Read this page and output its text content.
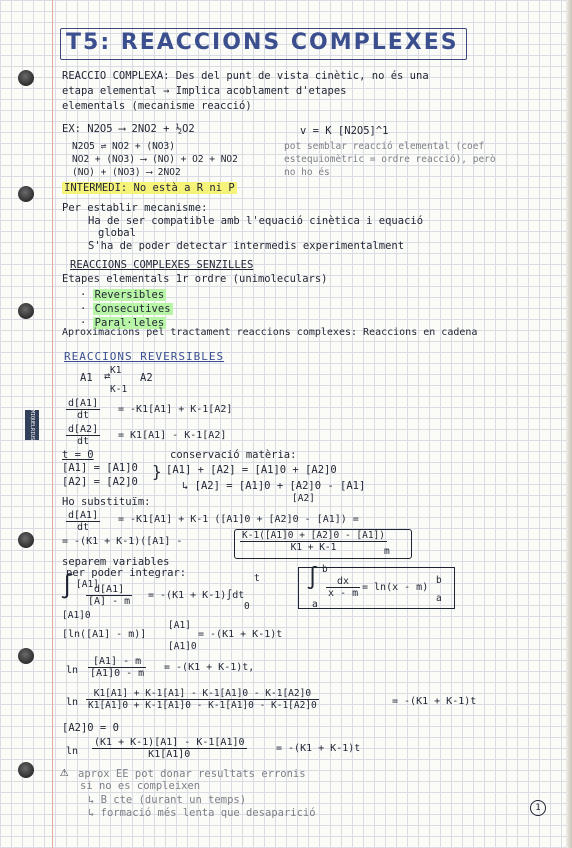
MIQUELRIUS
T5: REACCIONS COMPLEXES
REACCIO COMPLEXA: Des del punt de vista cinètic, no és una
etapa elemental → Implica acoblament d'etapes
elementals (mecanisme reacció)
EX: N2O5 ⟶ 2NO2 + ½O2	v = K [N2O5]^1
N2O5 ⇌ NO2 + (NO3)
NO2 + (NO3) ⟶ (NO) + O2 + NO2
(NO) + (NO3) ⟶ 2NO2
pot semblar reacció elemental (coef
estequiomètric = ordre reacció), però
no ho és
INTERMEDI: No està a R ni P
Per establir mecanisme:
Ha de ser compatible amb l'equació cinètica i equació
global
S'ha de poder detectar intermedis experimentalment
REACCIONS COMPLEXES SENZILLES
Etapes elementals 1r ordre (unimoleculars)
· Reversibles
· Consecutives
· Paral·leles
Aproximacions pel tractament reaccions complexes: Reaccions en cadena
REACCIONS REVERSIBLES
A1
K1
⇄
K-1
A2
$\frac{d[A1]}{dt} = -K1[A1] + K-1[A2]$
$\frac{d[A2]}{dt} = K1[A1] - K-1[A2]$
t = 0	conservació matèria:
[A1] = [A1]0
[A2] = [A2]0
} [A1] + [A2] = [A1]0 + [A2]0
↳ [A2] = [A1]0 + [A2]0 - [A1]
Ho substituïm:	[A2]
$\frac{d[A1]}{dt} = -K1[A1] + K-1$ ([A1]0 + [A2]0 - [A1]) =
= -(K1 + K-1)([A1] -	$\frac{K-1([A1]0 + [A2]0 - [A1])}{K1 + K-1}$
m
separem variables
per poder integrar:
∫ [A1]
[A1]0
$\frac{d[A1]}{[A] - m} = -(K1 + K-1)\int dt$
t
0
∫ b
a
$\frac{dx}{x - m} = \ln(x - m)$
b
a
[ln([A1] - m)]
[A1]
[A1]0
= -(K1 + K-1)t
$\ln \frac{[A1] - m}{[A1]0 - m} = -(K1 + K-1)t$,
$\ln \frac{K1[A1] + K-1[A1] - K-1[A1]0 - K-1[A2]0}{K1[A1]0 + K-1[A1]0 - K-1[A1]0 - K-1[A2]0}$	= -(K1 + K-1)t
[A2]0 = 0
$\ln \frac{(K1 + K-1)[A1] - K-1[A1]0}{K1[A1]0}$	= -(K1 + K-1)t
⚠ aprox EE pot donar resultats erronis
si no es compleixen
↳ B cte (durant un temps)
↳ formació més lenta que desaparició	1
